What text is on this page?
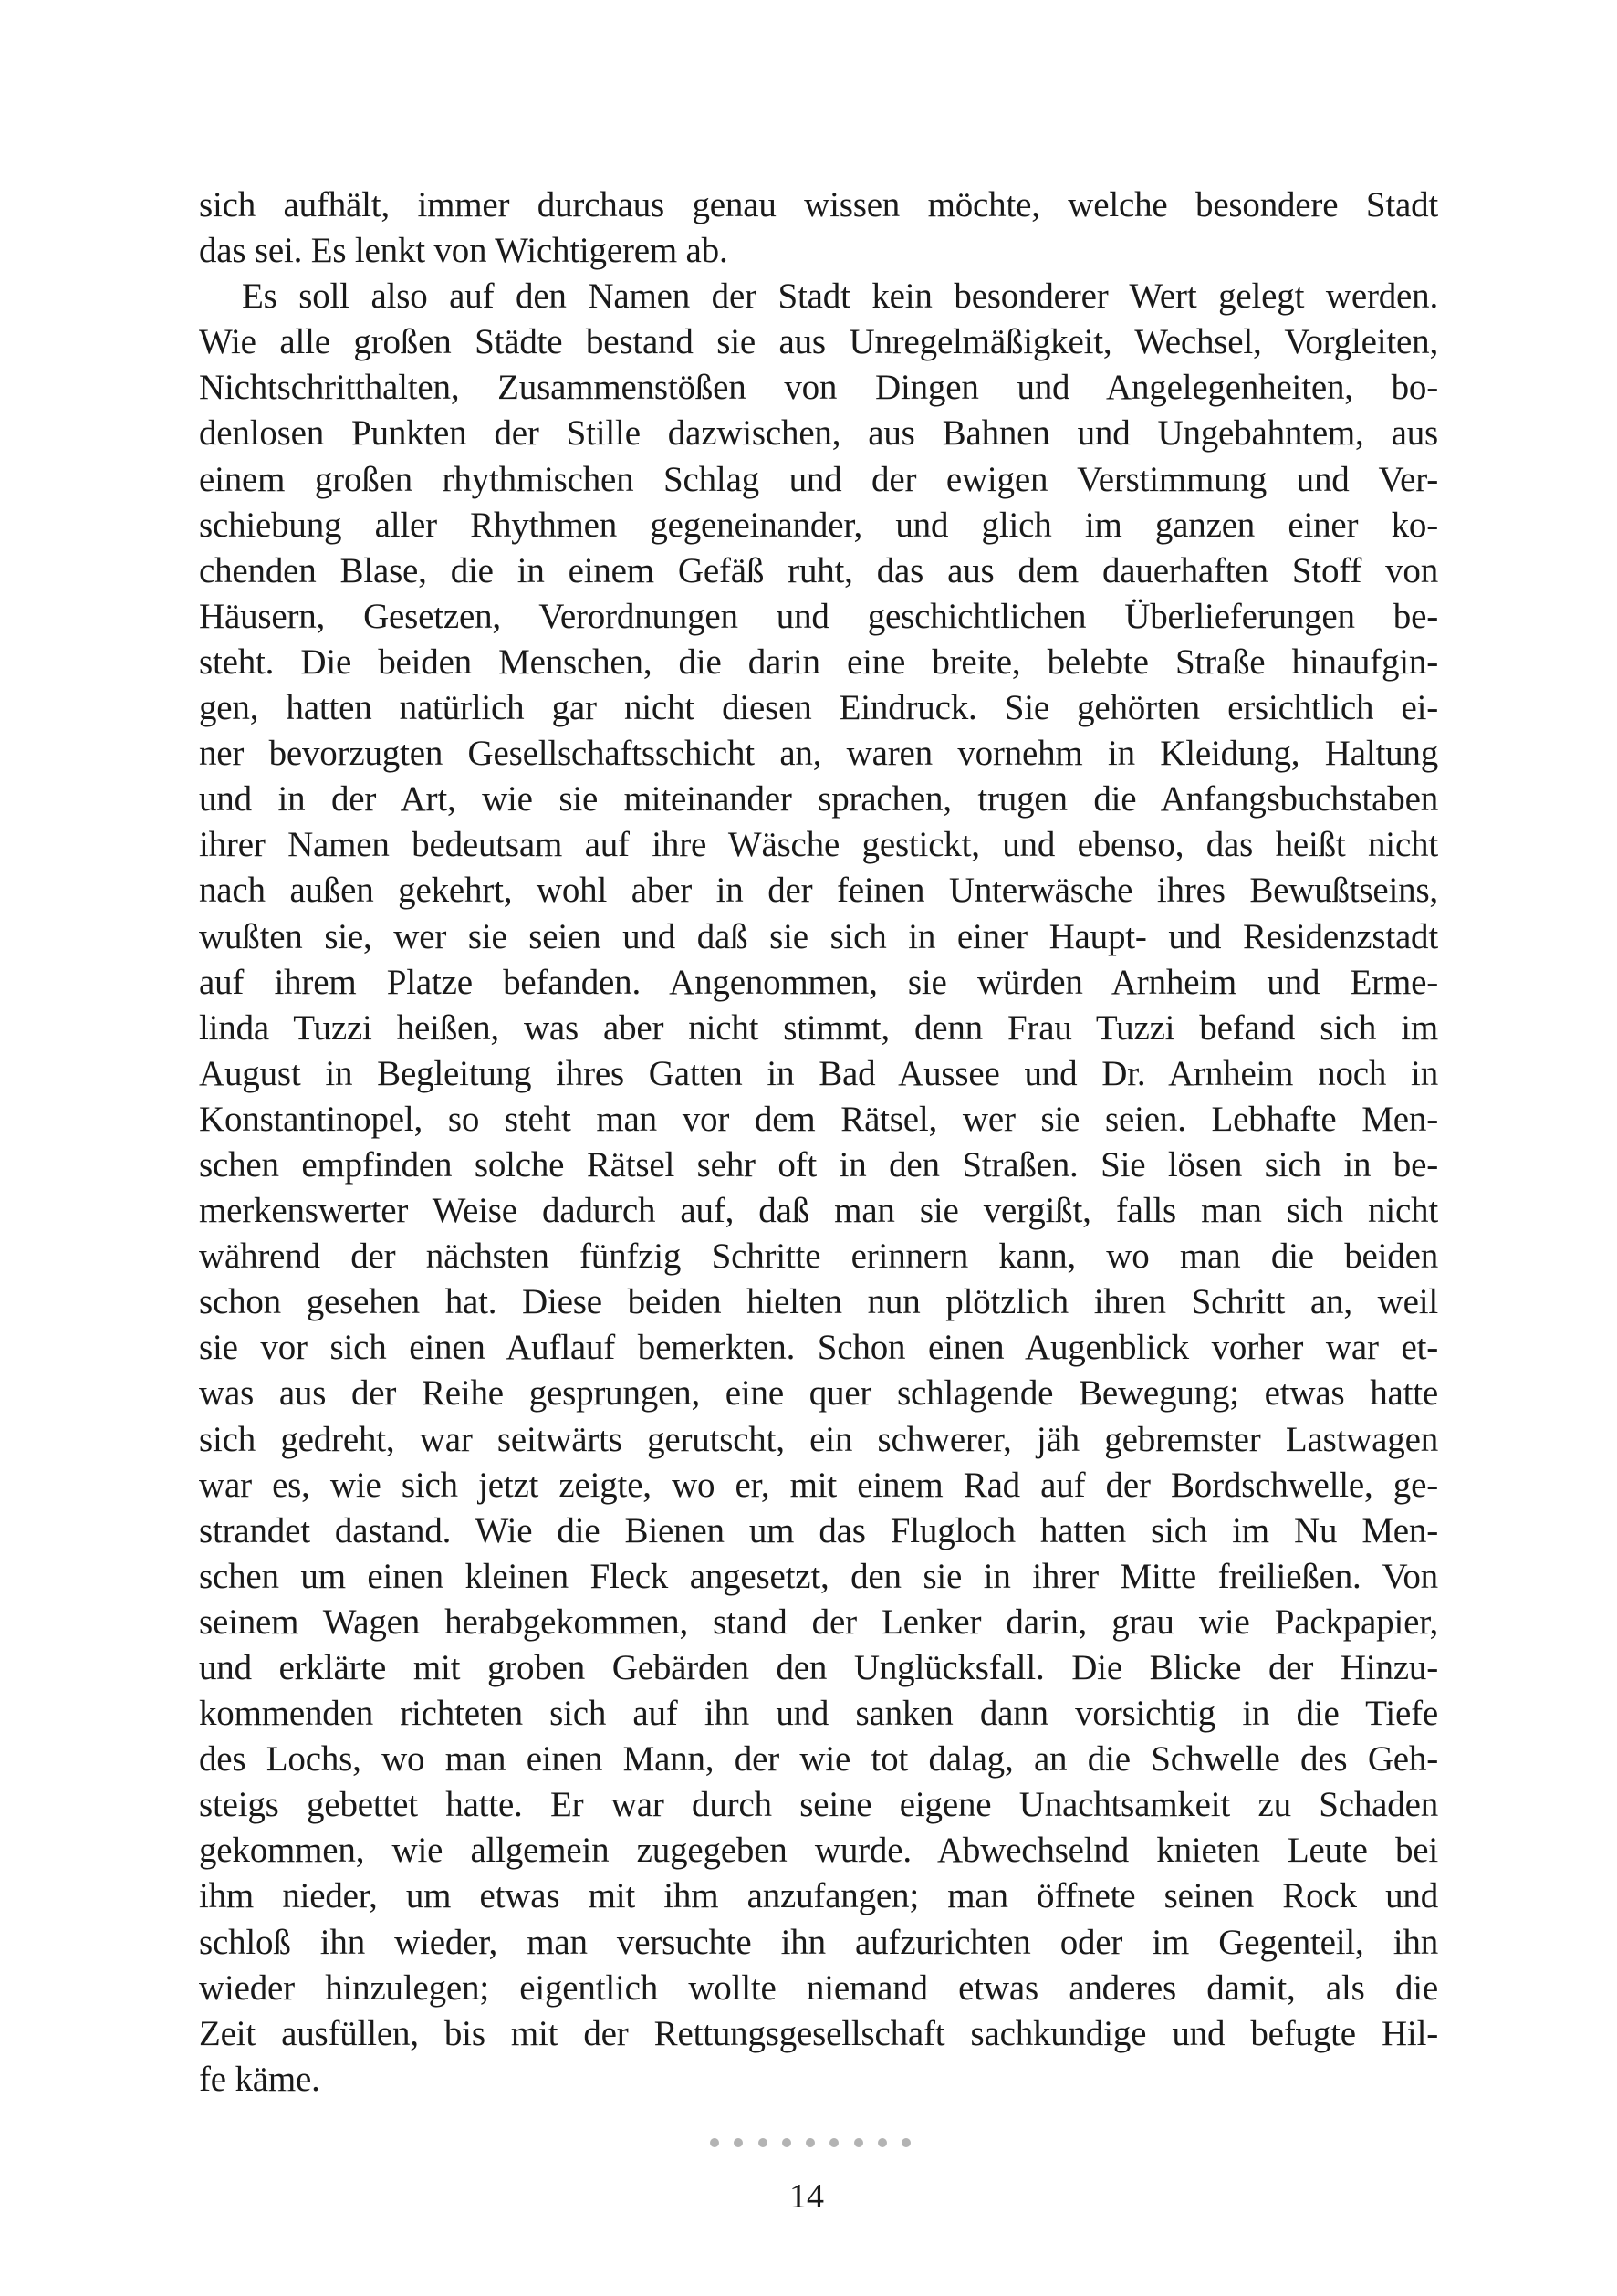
sich aufhält, immer durchaus genau wissen möchte, welche besondere Stadt
das sei. Es lenkt von Wichtigerem ab.
Es soll also auf den Namen der Stadt kein besonderer Wert gelegt werden.
Wie alle großen Städte bestand sie aus Unregelmäßigkeit, Wechsel, Vorgleiten,
Nichtschritthalten, Zusammenstößen von Dingen und Angelegenheiten, bo-
denlosen Punkten der Stille dazwischen, aus Bahnen und Ungebahntem, aus
einem großen rhythmischen Schlag und der ewigen Verstimmung und Ver-
schiebung aller Rhythmen gegeneinander, und glich im ganzen einer ko-
chenden Blase, die in einem Gefäß ruht, das aus dem dauerhaften Stoff von
Häusern, Gesetzen, Verordnungen und geschichtlichen Überlieferungen be-
steht. Die beiden Menschen, die darin eine breite, belebte Straße hinaufgin-
gen, hatten natürlich gar nicht diesen Eindruck. Sie gehörten ersichtlich ei-
ner bevorzugten Gesellschaftsschicht an, waren vornehm in Kleidung, Haltung
und in der Art, wie sie miteinander sprachen, trugen die Anfangsbuchstaben
ihrer Namen bedeutsam auf ihre Wäsche gestickt, und ebenso, das heißt nicht
nach außen gekehrt, wohl aber in der feinen Unterwäsche ihres Bewußtseins,
wußten sie, wer sie seien und daß sie sich in einer Haupt- und Residenzstadt
auf ihrem Platze befanden. Angenommen, sie würden Arnheim und Erme-
linda Tuzzi heißen, was aber nicht stimmt, denn Frau Tuzzi befand sich im
August in Begleitung ihres Gatten in Bad Aussee und Dr. Arnheim noch in
Konstantinopel, so steht man vor dem Rätsel, wer sie seien. Lebhafte Men-
schen empfinden solche Rätsel sehr oft in den Straßen. Sie lösen sich in be-
merkenswerter Weise dadurch auf, daß man sie vergißt, falls man sich nicht
während der nächsten fünfzig Schritte erinnern kann, wo man die beiden
schon gesehen hat. Diese beiden hielten nun plötzlich ihren Schritt an, weil
sie vor sich einen Auflauf bemerkten. Schon einen Augenblick vorher war et-
was aus der Reihe gesprungen, eine quer schlagende Bewegung; etwas hatte
sich gedreht, war seitwärts gerutscht, ein schwerer, jäh gebremster Lastwagen
war es, wie sich jetzt zeigte, wo er, mit einem Rad auf der Bordschwelle, ge-
strandet dastand. Wie die Bienen um das Flugloch hatten sich im Nu Men-
schen um einen kleinen Fleck angesetzt, den sie in ihrer Mitte freiließen. Von
seinem Wagen herabgekommen, stand der Lenker darin, grau wie Packpapier,
und erklärte mit groben Gebärden den Unglücksfall. Die Blicke der Hinzu-
kommenden richteten sich auf ihn und sanken dann vorsichtig in die Tiefe
des Lochs, wo man einen Mann, der wie tot dalag, an die Schwelle des Geh-
steigs gebettet hatte. Er war durch seine eigene Unachtsamkeit zu Schaden
gekommen, wie allgemein zugegeben wurde. Abwechselnd knieten Leute bei
ihm nieder, um etwas mit ihm anzufangen; man öffnete seinen Rock und
schloß ihn wieder, man versuchte ihn aufzurichten oder im Gegenteil, ihn
wieder hinzulegen; eigentlich wollte niemand etwas anderes damit, als die
Zeit ausfüllen, bis mit der Rettungsgesellschaft sachkundige und befugte Hil-
fe käme.
14
